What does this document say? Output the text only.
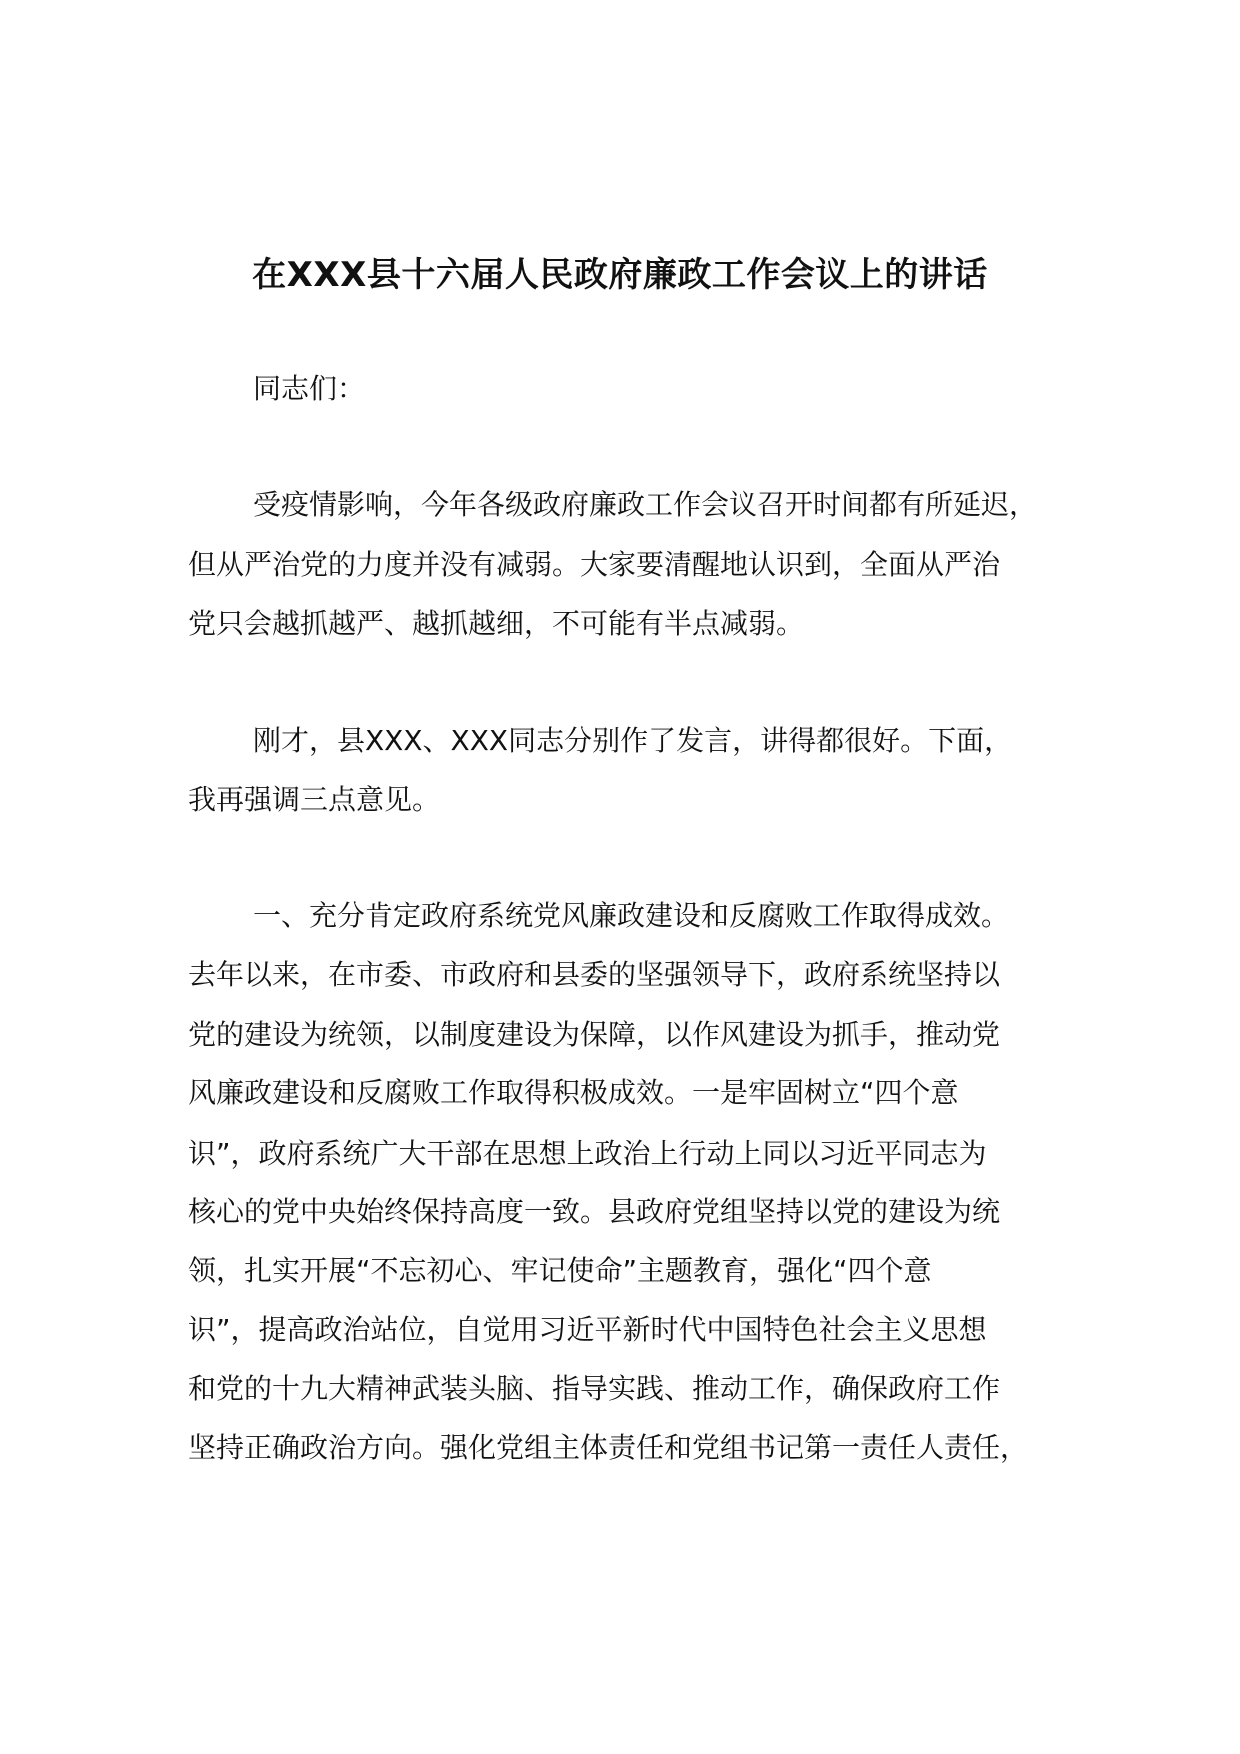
在XXX县十六届人民政府廉政工作会议上的讲话
同志们：
受疫情影响，今年各级政府廉政工作会议召开时间都有所延迟，
但从严治党的力度并没有减弱。大家要清醒地认识到，全面从严治
党只会越抓越严、越抓越细，不可能有半点减弱。
刚才，县XXX、XXX同志分别作了发言，讲得都很好。下面，
我再强调三点意见。
一、充分肯定政府系统党风廉政建设和反腐败工作取得成效。
去年以来，在市委、市政府和县委的坚强领导下，政府系统坚持以
党的建设为统领，以制度建设为保障，以作风建设为抓手，推动党
风廉政建设和反腐败工作取得积极成效。一是牢固树立“四个意
识”，政府系统广大干部在思想上政治上行动上同以习近平同志为
核心的党中央始终保持高度一致。县政府党组坚持以党的建设为统
领，扎实开展“不忘初心、牢记使命”主题教育，强化“四个意
识”，提高政治站位，自觉用习近平新时代中国特色社会主义思想
和党的十九大精神武装头脑、指导实践、推动工作，确保政府工作
坚持正确政治方向。强化党组主体责任和党组书记第一责任人责任，
